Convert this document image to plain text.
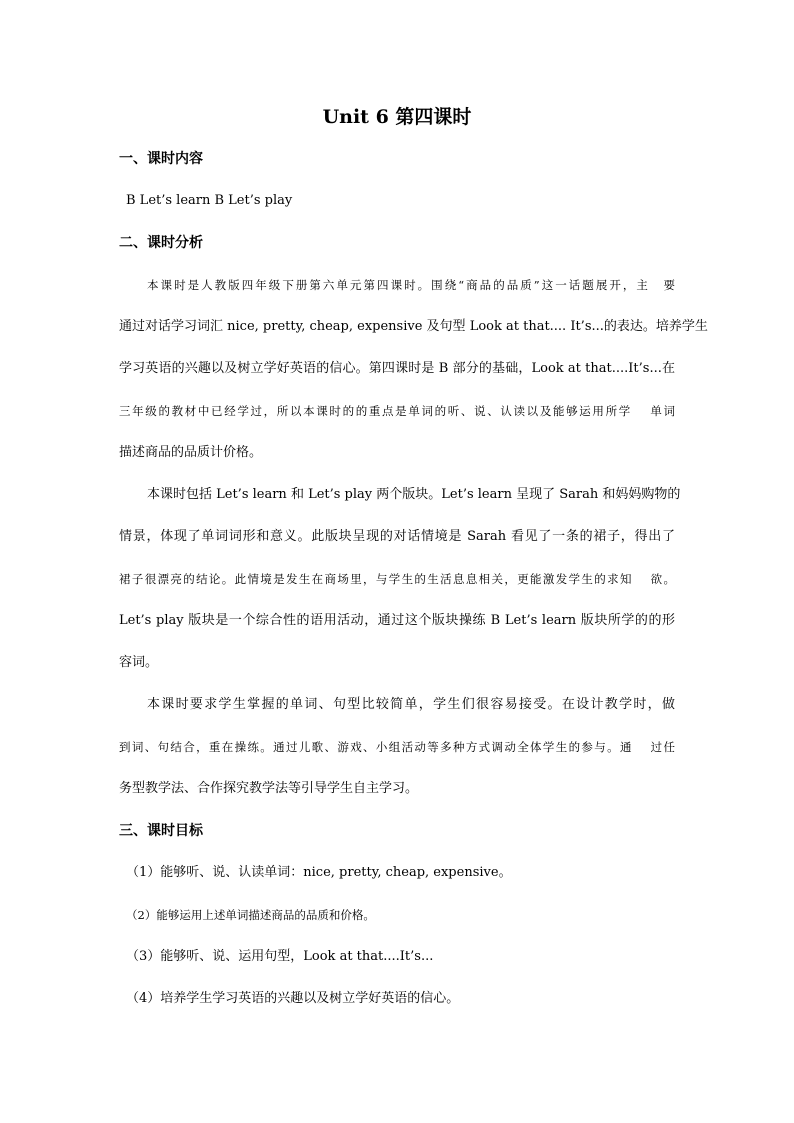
Unit 6 第四课时
一、课时内容
B Let’s learn B Let’s play
二、课时分析
本课时是人教版四年级下册第六单元第四课时。围绕“商品的品质”这一话题展开，主　要
通过对话学习词汇 nice, pretty, cheap, expensive 及句型 Look at that.... It’s...的表达。培养学生
学习英语的兴趣以及树立学好英语的信心。第四课时是 B 部分的基础，Look at that....It’s...在
三年级的教材中已经学过，所以本课时的的重点是单词的听、说、认读以及能够运用所学　 单词
描述商品的品质计价格。
本课时包括 Let’s learn 和 Let’s play 两个版块。Let’s learn 呈现了 Sarah 和妈妈购物的
情景，体现了单词词形和意义。此版块呈现的对话情境是 Sarah 看见了一条的裙子，得出了
裙子很漂亮的结论。此情境是发生在商场里，与学生的生活息息相关，更能激发学生的求知　 欲。
Let’s play 版块是一个综合性的语用活动，通过这个版块操练 B Let’s learn 版块所学的的形
容词。
本课时要求学生掌握的单词、句型比较简单，学生们很容易接受。在设计教学时，做
到词、句结合，重在操练。通过儿歌、游戏、小组活动等多种方式调动全体学生的参与。通　 过任
务型教学法、合作探究教学法等引导学生自主学习。
三、课时目标
（1）能够听、说、认读单词：nice, pretty, cheap, expensive。
（2）能够运用上述单词描述商品的品质和价格。
（3）能够听、说、运用句型，Look at that....It’s...
（4）培养学生学习英语的兴趣以及树立学好英语的信心。
